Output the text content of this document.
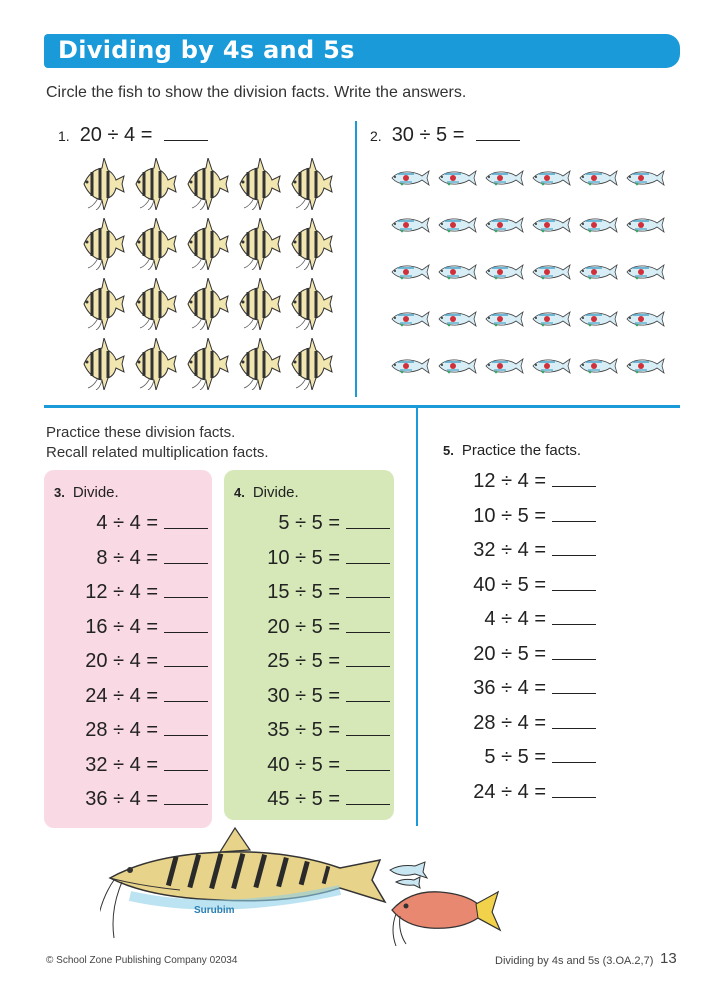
Dividing by 4s and 5s
Circle the fish to show the division facts. Write the answers.
1. 20 ÷ 4 =	2. 30 ÷ 5 =
Practice these division facts.
Recall related multiplication facts.
3. Divide.
4 ÷ 4 =
8 ÷ 4 =
12 ÷ 4 =
16 ÷ 4 =
20 ÷ 4 =
24 ÷ 4 =
28 ÷ 4 =
32 ÷ 4 =
36 ÷ 4 =
4. Divide.
5 ÷ 5 =
10 ÷ 5 =
15 ÷ 5 =
20 ÷ 5 =
25 ÷ 5 =
30 ÷ 5 =
35 ÷ 5 =
40 ÷ 5 =
45 ÷ 5 =
5. Practice the facts.
12 ÷ 4 =
10 ÷ 5 =
32 ÷ 4 =
40 ÷ 5 =
4 ÷ 4 =
20 ÷ 5 =
36 ÷ 4 =
28 ÷ 4 =
5 ÷ 5 =
24 ÷ 4 =
Surubim
© School Zone Publishing Company 02034	Dividing by 4s and 5s (3.OA.2,7) 13
